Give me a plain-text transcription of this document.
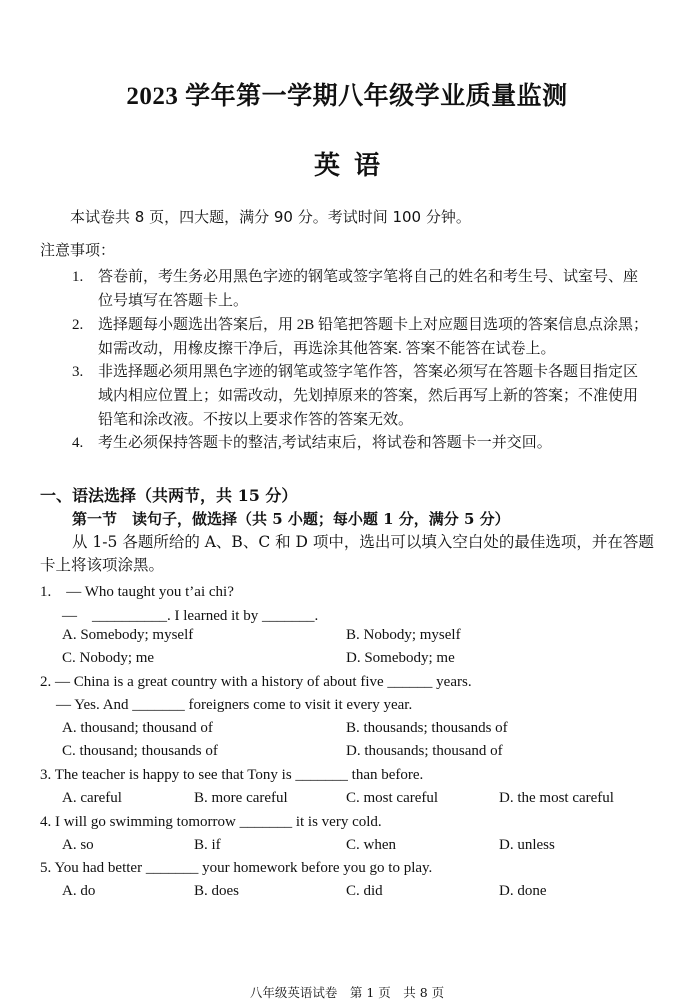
2023 学年第一学期八年级学业质量监测
英语
本试卷共 8 页，四大题，满分 90 分。考试时间 100 分钟。
注意事项：
1. 答卷前，考生务必用黑色字迹的钢笔或签字笔将自己的姓名和考生号、试室号、座
位号填写在答题卡上。
2. 选择题每小题选出答案后，用 2B 铅笔把答题卡上对应题目选项的答案信息点涂黑；
如需改动，用橡皮擦干净后，再选涂其他答案. 答案不能答在试卷上。
3. 非选择题必须用黑色字迹的钢笔或签字笔作答，答案必须写在答题卡各题目指定区
域内相应位置上；如需改动，先划掉原来的答案，然后再写上新的答案；不准使用
铅笔和涂改液。不按以上要求作答的答案无效。
4. 考生必须保持答题卡的整洁,考试结束后，将试卷和答题卡一并交回。
一、语法选择（共两节，共 15 分）
第一节　读句子，做选择（共 5 小题；每小题 1 分，满分 5 分）
从 1-5 各题所给的 A、B、C 和 D 项中，选出可以填入空白处的最佳选项，并在答题卡上将该项涂黑。
1.　— Who taught you t’ai chi?
—　__________. I learned it by _______.
A. Somebody; myself	B. Nobody; myself
C. Nobody; me	D. Somebody; me
2. — China is a great country with a history of about five ______ years.
— Yes. And _______ foreigners come to visit it every year.
A. thousand; thousand of	B. thousands; thousands of
C. thousand; thousands of	D. thousands; thousand of
3. The teacher is happy to see that Tony is _______ than before.
A. careful	B. more careful	C. most careful	D. the most careful
4. I will go swimming tomorrow _______ it is very cold.
A. so	B. if	C. when	D. unless
5. You had better _______ your homework before you go to play.
A. do	B. does	C. did	D. done
八年级英语试卷　第 1 页　共 8 页
